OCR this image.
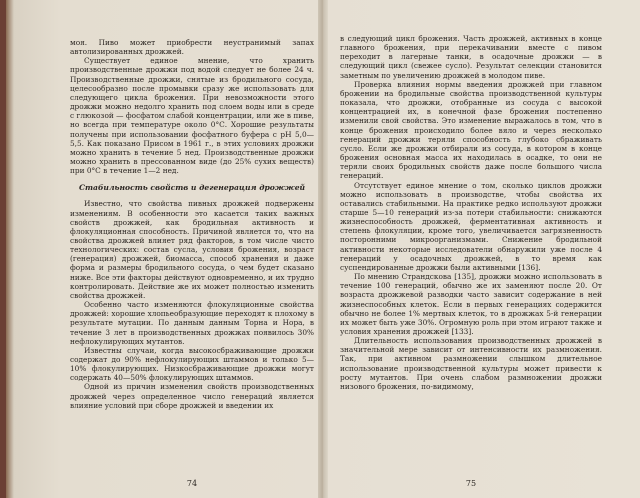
моя. Пиво может приобрести неустранимый запах автолизированных дрожжей.

Существует единое мнение, что хранить производственные дрожжи под водой следует не более 24 ч. Производственные дрожжи, снятые из бродильного сосуда, целесообразно после промывки сразу же использовать для следующего цикла брожения. При невозможности этого дрожжи можно недолго хранить под слоем воды или в среде с глюкозой — фосфатом слабой концентрации, или же в пиве, но всегда при температуре около 0°С. Хорошие результаты получены при использовании фосфатного буфера с рН 5,0—5,5. Как показано Присом в 1961 г., в этих условиях дрожжи можно хранить в течение 5 нед. Производственные дрожжи можно хранить в прессованном виде (до 25% сухих веществ) при 0°С в течение 1—2 нед.

Стабильность свойств и дегенерация дрожжей

Известно, что свойства пивных дрожжей подвержены изменениям. В особенности это касается таких важных свойств дрожжей, как бродильная активность и флокуляционная способность. Причиной является то, что на свойства дрожжей влияет ряд факторов, в том числе чисто технологических: состав сусла, условия брожения, возраст (генерация) дрожжей, биомасса, способ хранения и даже форма и размеры бродильного сосуда, о чем будет сказано ниже. Все эти факторы действуют одновременно, и их трудно контролировать. Действие же их может полностью изменить свойства дрожжей.

Особенно часто изменяются флокуляционные свойства дрожжей: хорошие хлопьеобразующие переходят к плохому в результате мутации. По данным данным Торна и Нора, в течение 3 лет в производственных дрожжах появилось 30% нефлокулирующих мутантов.

Известны случаи, когда высокосбраживающие дрожжи содержат до 90% нефлокулирующих штаммов и только 5—10% флокулирующих. Низкосбраживающие дрожжи могут содержать 40—50% флокулирующих штаммов.

Одной из причин изменения свойств производственных дрожжей через определенное число генераций является влияние условий при сборе дрожжей и введении их

74

в следующий цикл брожения. Часть дрожжей, активных в конце главного брожения, при перекачивании вместе с пивом переходит в лагерные танки, в осадочные дрожжи — в следующий цикл (свежее сусло). Результат селекции становится заметным по увеличению дрожжей в молодом пиве.

Проверка влияния нормы введения дрожжей при главном брожении на бродильные свойства производственной культуры показала, что дрожжи, отобранные из сосуда с высокой концентрацией их, в конечной фазе брожения постепенно изменили свой свойства. Это изменение выражалось в том, что в конце брожения происходило более вяло и через несколько генераций дрожжи теряли способность глубоко сбраживать сусло. Если же дрожжи отбирали из сосуда, в котором в конце брожения основная масса их находилась в осадке, то они не теряли своих бродильных свойств даже после большого числа генераций.

Отсутствует единое мнение о том, сколько циклов дрожжи можно использовать в производстве, чтобы свойства их оставались стабильными. На практике редко используют дрожжи старше 5—10 генераций из-за потери стабильности: снижаются жизнеспособность дрожжей, ферментативная активность и степень флокуляции, кроме того, увеличивается загрязненность посторонними микроорганизмами. Снижение бродильной активности некоторые исследователи обнаружили уже после 4 генераций у осадочных дрожжей, в то время как суспендированные дрожжи были активными [136].

По мнению Страндскова [135], дрожжи можно использовать в течение 100 генераций, обычно же их заменяют после 20. От возраста дрожжевой разводки часто зависит содержание в ней жизнеспособных клеток. Если в первых генерациях содержится обычно не более 1% мертвых клеток, то в дрожжах 5-й генерации их может быть уже 30%. Огромную роль при этом играют также и условия хранения дрожжей [133].

Длительность использования производственных дрожжей в значительной мере зависит от интенсивности их размножения. Так, при активном размножении слышком длительное использование производственной культуры может привести к росту мутантов. При очень слабом размножении дрожжи низового брожения, по-видимому,

75
